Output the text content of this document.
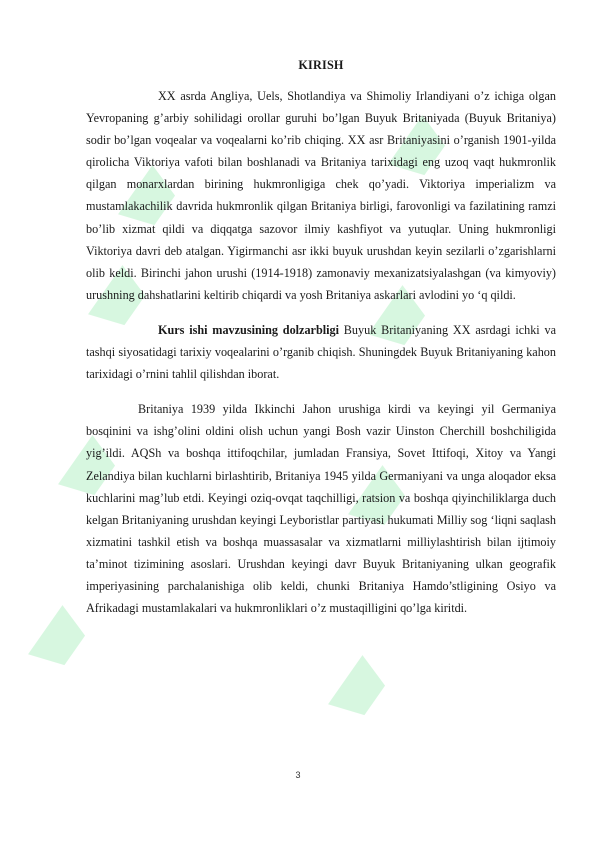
KIRISH

XX asrda Angliya, Uels, Shotlandiya va Shimoliy Irlandiyani o’z ichiga olgan Yevropaning g’arbiy sohilidagi orollar guruhi bo’lgan Buyuk Britaniyada (Buyuk Britaniya) sodir bo’lgan voqealar va voqealarni ko’rib chiqing. XX asr Britaniyasini o’rganish 1901-yilda qirolicha Viktoriya vafoti bilan boshlanadi va Britaniya tarixidagi eng uzoq vaqt hukmronlik qilgan monarxlardan birining hukmronligiga chek qo’yadi. Viktoriya imperializm va mustamlakachilik davrida hukmronlik qilgan Britaniya birligi, farovonligi va fazilatining ramzi bo’lib xizmat qildi va diqqatga sazovor ilmiy kashfiyot va yutuqlar. Uning hukmronligi Viktoriya davri deb atalgan. Yigirmanchi asr ikki buyuk urushdan keyin sezilarli o’zgarishlarni olib keldi. Birinchi jahon urushi (1914-1918) zamonaviy mexanizatsiyalashgan (va kimyoviy) urushning dahshatlarini keltirib chiqardi va yosh Britaniya askarlari avlodini yo ‘q qildi.

Kurs ishi mavzusining dolzarbligi Buyuk Britaniyaning XX asrdagi ichki va tashqi siyosatidagi tarixiy voqealarini o’rganib chiqish. Shuningdek Buyuk Britaniyaning kahon tarixidagi o’rnini tahlil qilishdan iborat.

Britaniya 1939 yilda Ikkinchi Jahon urushiga kirdi va keyingi yil Germaniya bosqinini va ishg’olini oldini olish uchun yangi Bosh vazir Uinston Cherchill boshchiligida yig’ildi. AQSh va boshqa ittifoqchilar, jumladan Fransiya, Sovet Ittifoqi, Xitoy va Yangi Zelandiya bilan kuchlarni birlashtirib, Britaniya 1945 yilda Germaniyani va unga aloqador eksa kuchlarini mag’lub etdi. Keyingi oziq-ovqat taqchilligi, ratsion va boshqa qiyinchiliklarga duch kelgan Britaniyaning urushdan keyingi Leyboristlar partiyasi hukumati Milliy sog ‘liqni saqlash xizmatini tashkil etish va boshqa muassasalar va xizmatlarni milliylashtirish bilan ijtimoiy ta’minot tizimining asoslari. Urushdan keyingi davr Buyuk Britaniyaning ulkan geografik imperiyasining parchalanishiga olib keldi, chunki Britaniya Hamdo’stligining Osiyo va Afrikadagi mustamlakalari va hukmronliklari o’z mustaqilligini qo’lga kiritdi.

3
